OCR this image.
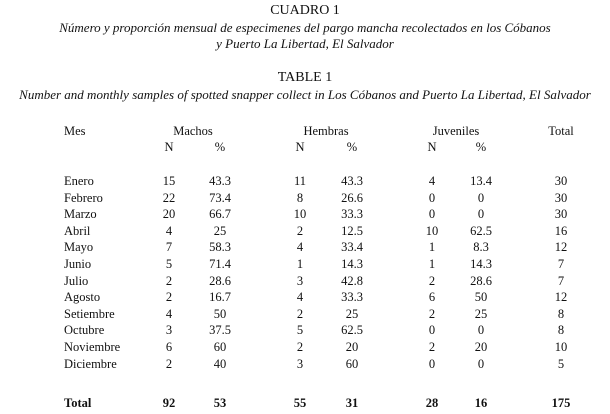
CUADRO 1
Número y proporción mensual de especimenes del pargo mancha recolectados en los Cóbanos
y Puerto La Libertad, El Salvador
TABLE 1
Number and monthly samples of spotted snapper collect in Los Cóbanos and Puerto La Libertad, El Salvador
Mes	Machos	Hembras	Juveniles	Total
N	%	N	%	N	%
Enero	15	43.3	11	43.3	4	13.4	30
Febrero	22	73.4	8	26.6	0	0	30
Marzo	20	66.7	10	33.3	0	0	30
Abril	4	25	2	12.5	10	62.5	16
Mayo	7	58.3	4	33.4	1	8.3	12
Junio	5	71.4	1	14.3	1	14.3	7
Julio	2	28.6	3	42.8	2	28.6	7
Agosto	2	16.7	4	33.3	6	50	12
Setiembre	4	50	2	25	2	25	8
Octubre	3	37.5	5	62.5	0	0	8
Noviembre	6	60	2	20	2	20	10
Diciembre	2	40	3	60	0	0	5
Total	92	53	55	31	28	16	175
